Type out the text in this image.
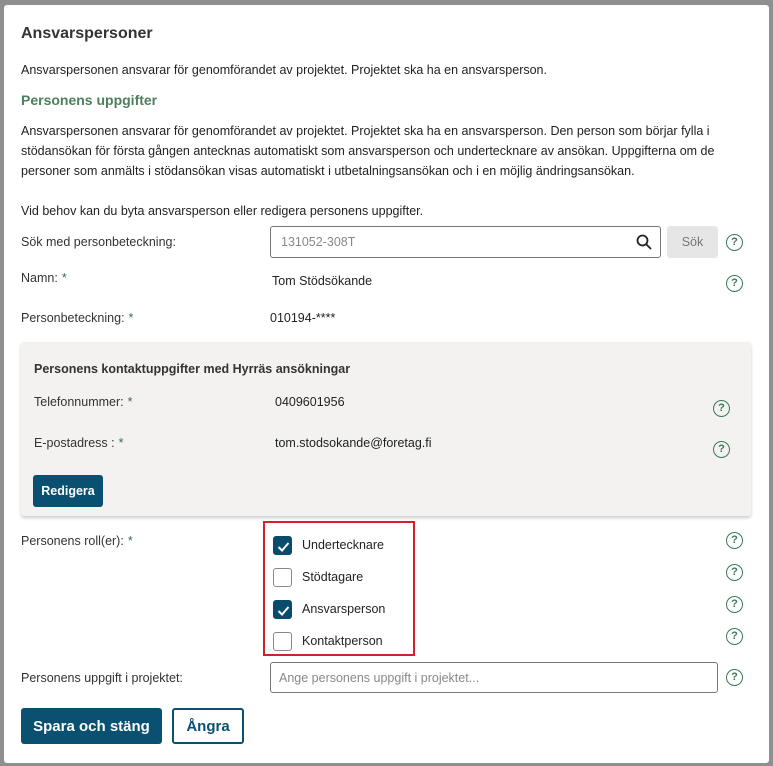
Ansvarspersoner
Ansvarspersonen ansvarar för genomförandet av projektet. Projektet ska ha en ansvarsperson.
Personens uppgifter
Ansvarspersonen ansvarar för genomförandet av projektet. Projektet ska ha en ansvarsperson. Den person som börjar fylla i stödansökan för första gången antecknas automatiskt som ansvarsperson och undertecknare av ansökan. Uppgifterna om de personer som anmälts i stödansökan visas automatiskt i utbetalningsansökan och i en möjlig ändringsansökan.
Vid behov kan du byta ansvarsperson eller redigera personens uppgifter.
Sök med personbeteckning:
131052-308T	Sök	?
Namn: *	Tom Stödsökande	?
Personbeteckning: *	010194-****
Personens kontaktuppgifter med Hyrräs ansökningar
Telefonnummer: *	0409601956	?
E-postadress : *	tom.stodsokande@foretag.fi	?
Redigera
Personens roll(er): *	Undertecknare
Stödtagare
Ansvarsperson
Kontaktperson
?
?
?
?
Personens uppgift i projektet:
Ange personens uppgift i projektet...	?
Spara och stäng	Ångra
